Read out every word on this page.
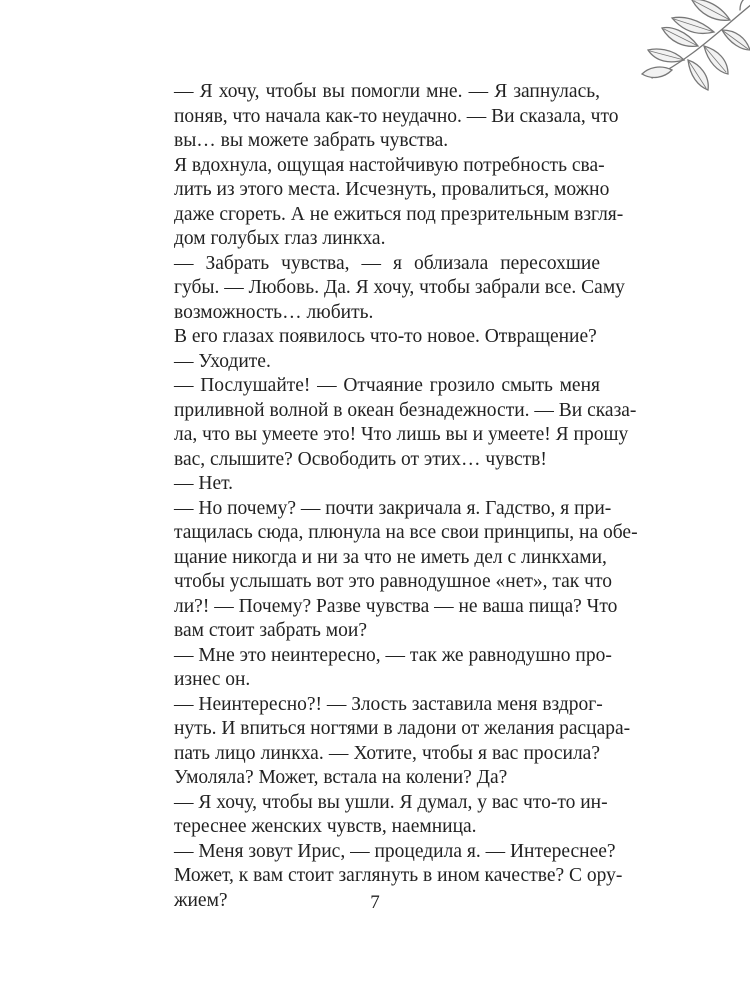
— Я хочу, чтобы вы помогли мне. — Я запнулась,
поняв, что начала как-то неудачно. — Ви сказала, что
вы… вы можете забрать чувства.

Я вдохнула, ощущая настойчивую потребность сва-
лить из этого места. Исчезнуть, провалиться, можно
даже сгореть. А не ежиться под презрительным взгля-
дом голубых глаз линкха.

— Забрать чувства, — я облизала пересохшие
губы. — Любовь. Да. Я хочу, чтобы забрали все. Саму
возможность… любить.

В его глазах появилось что-то новое. Отвращение?

— Уходите.

— Послушайте! — Отчаяние грозило смыть меня
приливной волной в океан безнадежности. — Ви сказа-
ла, что вы умеете это! Что лишь вы и умеете! Я прошу
вас, слышите? Освободить от этих… чувств!

— Нет.

— Но почему? — почти закричала я. Гадство, я при-
тащилась сюда, плюнула на все свои принципы, на обе-
щание никогда и ни за что не иметь дел с линкхами,
чтобы услышать вот это равнодушное «нет», так что
ли?! — Почему? Разве чувства — не ваша пища? Что
вам стоит забрать мои?

— Мне это неинтересно, — так же равнодушно про-
изнес он.

— Неинтересно?! — Злость заставила меня вздрог-
нуть. И впиться ногтями в ладони от желания расцара-
пать лицо линкха. — Хотите, чтобы я вас просила?
Умоляла? Может, встала на колени? Да?

— Я хочу, чтобы вы ушли. Я думал, у вас что-то ин-
тереснее женских чувств, наемница.

— Меня зовут Ирис, — процедила я. — Интереснее?
Может, к вам стоит заглянуть в ином качестве? С ору-
жием?	7
